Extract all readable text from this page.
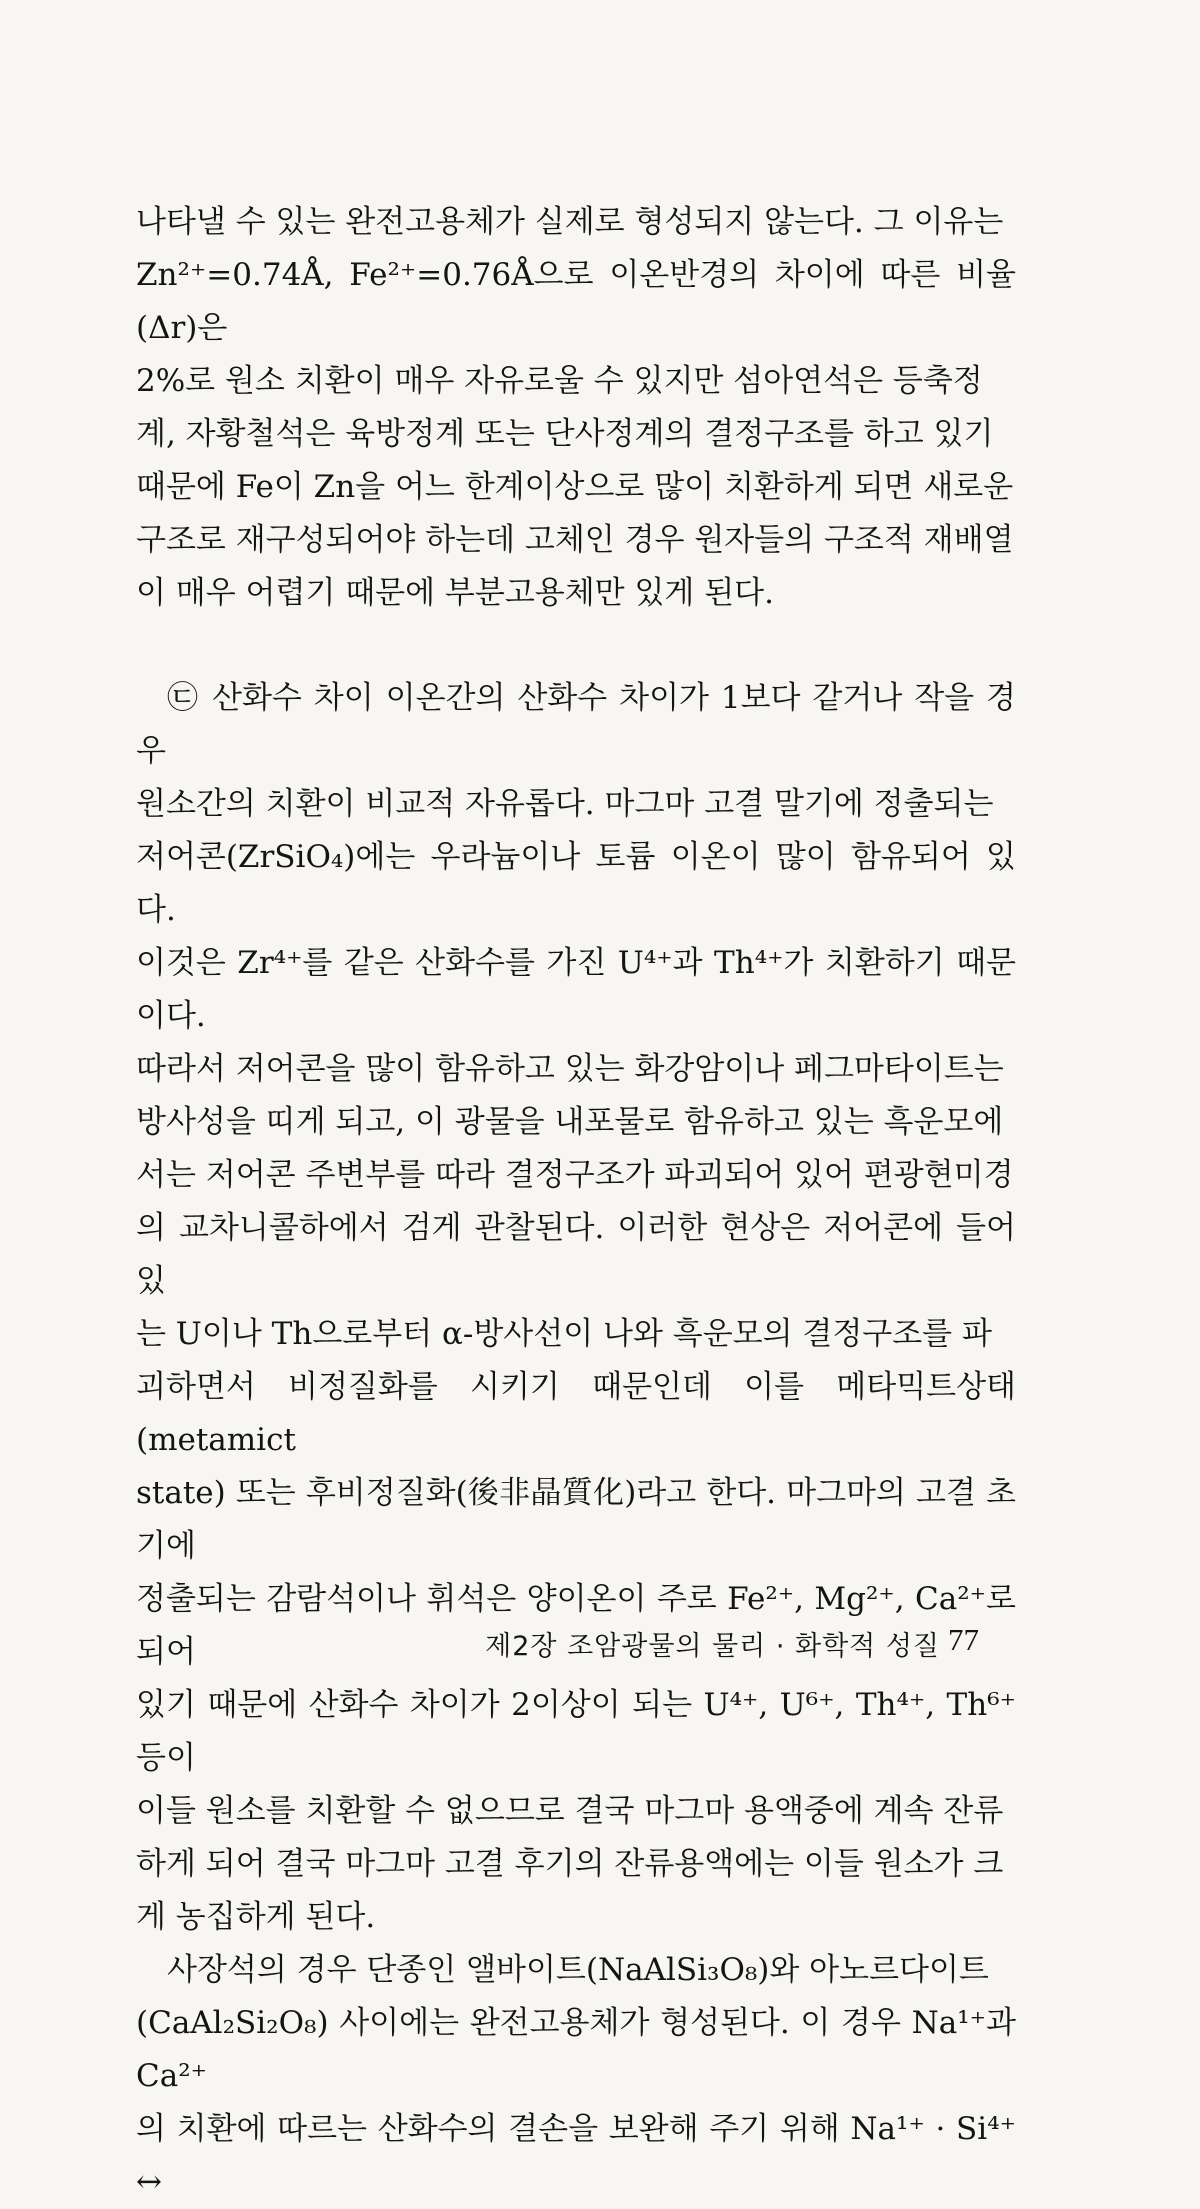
나타낼 수 있는 완전고용체가 실제로 형성되지 않는다. 그 이유는

Zn²⁺=0.74Å, Fe²⁺=0.76Å으로 이온반경의 차이에 따른 비율(Δr)은

2%로 원소 치환이 매우 자유로울 수 있지만 섬아연석은 등축정

계, 자황철석은 육방정계 또는 단사정계의 결정구조를 하고 있기

때문에 Fe이 Zn을 어느 한계이상으로 많이 치환하게 되면 새로운

구조로 재구성되어야 하는데 고체인 경우 원자들의 구조적 재배열

이 매우 어렵기 때문에 부분고용체만 있게 된다.

㉢ 산화수 차이 이온간의 산화수 차이가 1보다 같거나 작을 경우

원소간의 치환이 비교적 자유롭다. 마그마 고결 말기에 정출되는

저어콘(ZrSiO₄)에는 우라늄이나 토륨 이온이 많이 함유되어 있다.

이것은 Zr⁴⁺를 같은 산화수를 가진 U⁴⁺과 Th⁴⁺가 치환하기 때문이다.

따라서 저어콘을 많이 함유하고 있는 화강암이나 페그마타이트는

방사성을 띠게 되고, 이 광물을 내포물로 함유하고 있는 흑운모에

서는 저어콘 주변부를 따라 결정구조가 파괴되어 있어 편광현미경

의 교차니콜하에서 검게 관찰된다. 이러한 현상은 저어콘에 들어 있

는 U이나 Th으로부터 α-방사선이 나와 흑운모의 결정구조를 파

괴하면서 비정질화를 시키기 때문인데 이를 메타믹트상태(metamict

state) 또는 후비정질화(後非晶質化)라고 한다. 마그마의 고결 초기에

정출되는 감람석이나 휘석은 양이온이 주로 Fe²⁺, Mg²⁺, Ca²⁺로 되어

있기 때문에 산화수 차이가 2이상이 되는 U⁴⁺, U⁶⁺, Th⁴⁺, Th⁶⁺ 등이

이들 원소를 치환할 수 없으므로 결국 마그마 용액중에 계속 잔류

하게 되어 결국 마그마 고결 후기의 잔류용액에는 이들 원소가 크

게 농집하게 된다.

사장석의 경우 단종인 앨바이트(NaAlSi₃O₈)와 아노르다이트

(CaAl₂Si₂O₈) 사이에는 완전고용체가 형성된다. 이 경우 Na¹⁺과 Ca²⁺

의 치환에 따르는 산화수의 결손을 보완해 주기 위해 Na¹⁺ · Si⁴⁺ ↔

제2장 조암광물의 물리 · 화학적 성질 77
